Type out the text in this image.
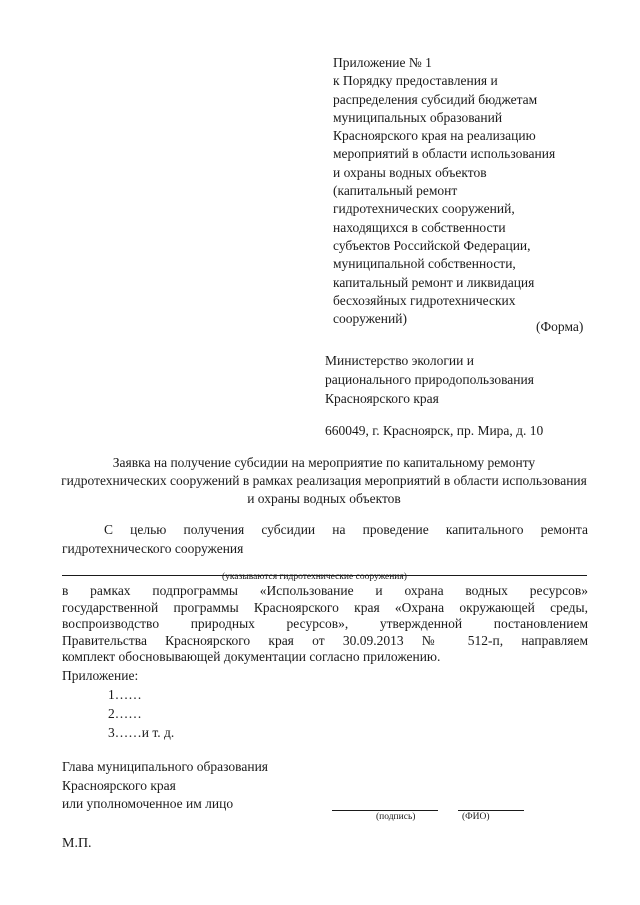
Приложение № 1
к Порядку предоставления и
распределения субсидий бюджетам
муниципальных образований
Красноярского края на реализацию
мероприятий в области использования
и охраны водных объектов
(капитальный ремонт
гидротехнических сооружений,
находящихся в собственности
субъектов Российской Федерации,
муниципальной собственности,
капитальный ремонт и ликвидация
бесхозяйных гидротехнических
сооружений)
(Форма)
Министерство экологии и
рационального природопользования
Красноярского края
660049, г. Красноярск, пр. Мира, д. 10
Заявка на получение субсидии на мероприятие по капитальному ремонту гидротехнических сооружений в рамках реализация мероприятий в области использования и охраны водных объектов
С целью получения субсидии на проведение капитального ремонта
гидротехнического сооружения
(указываются гидротехнические сооружения)
в рамках подпрограммы «Использование и охрана водных ресурсов»
государственной программы Красноярского края «Охрана окружающей среды,
воспроизводство природных ресурсов», утвержденной постановлением
Правительства Красноярского края от 30.09.2013 № 512-п, направляем
комплект обосновывающей документации согласно приложению.
Приложение:
1……
2……
3……и т. д.
Глава муниципального образования
Красноярского края
или уполномоченное им лицо
(подпись)	(ФИО)
М.П.
